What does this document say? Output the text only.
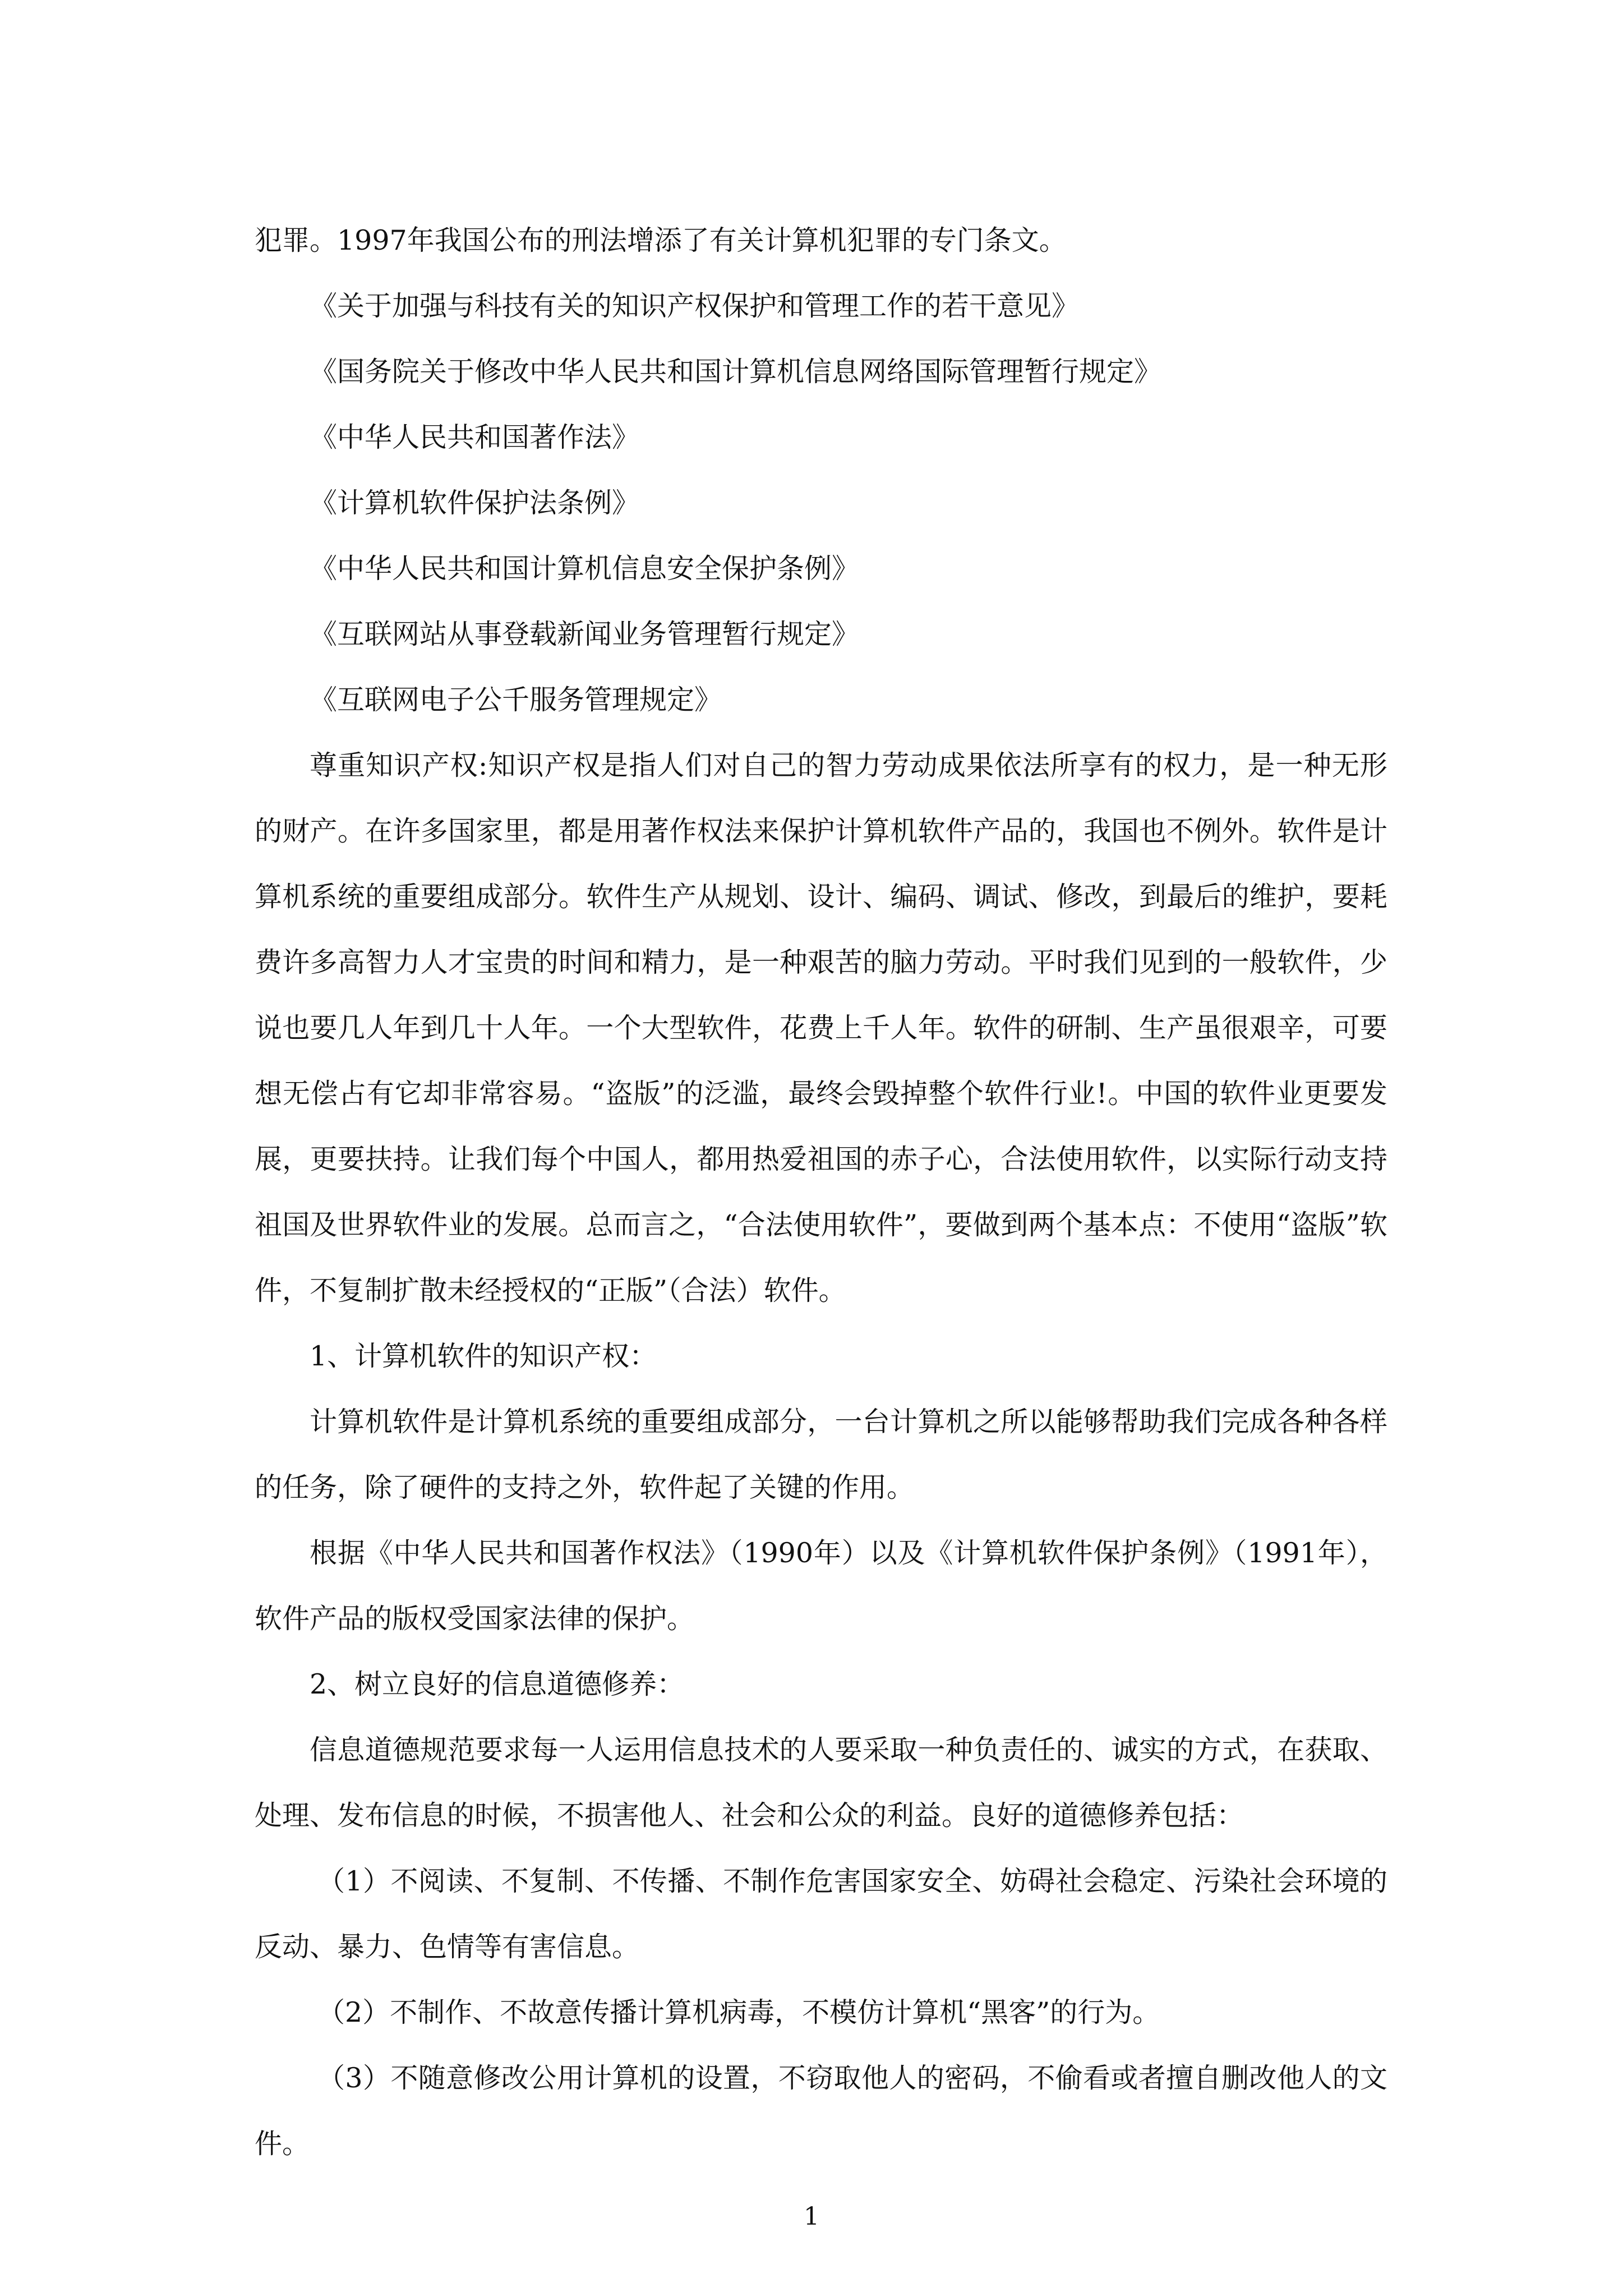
犯罪。1997年我国公布的刑法增添了有关计算机犯罪的专门条文。

《关于加强与科技有关的知识产权保护和管理工作的若干意见》

《国务院关于修改中华人民共和国计算机信息网络国际管理暂行规定》

《中华人民共和国著作法》

《计算机软件保护法条例》

《中华人民共和国计算机信息安全保护条例》

《互联网站从事登载新闻业务管理暂行规定》

《互联网电子公千服务管理规定》

尊重知识产权:知识产权是指人们对自己的智力劳动成果依法所享有的权力，是一种无形的财产。在许多国家里，都是用著作权法来保护计算机软件产品的，我国也不例外。软件是计算机系统的重要组成部分。软件生产从规划、设计、编码、调试、修改，到最后的维护，要耗费许多高智力人才宝贵的时间和精力，是一种艰苦的脑力劳动。平时我们见到的一般软件，少说也要几人年到几十人年。一个大型软件，花费上千人年。软件的研制、生产虽很艰辛，可要想无偿占有它却非常容易。“盗版”的泛滥，最终会毁掉整个软件行业!。中国的软件业更要发展，更要扶持。让我们每个中国人，都用热爱祖国的赤子心，合法使用软件，以实际行动支持祖国及世界软件业的发展。总而言之，“合法使用软件”，要做到两个基本点：不使用“盗版”软件，不复制扩散未经授权的“正版”（合法）软件。

1、计算机软件的知识产权：

计算机软件是计算机系统的重要组成部分，一台计算机之所以能够帮助我们完成各种各样的任务，除了硬件的支持之外，软件起了关键的作用。

根据《中华人民共和国著作权法》（1990年）以及《计算机软件保护条例》（1991年），软件产品的版权受国家法律的保护。

2、树立良好的信息道德修养：

信息道德规范要求每一人运用信息技术的人要采取一种负责任的、诚实的方式，在获取、处理、发布信息的时候，不损害他人、社会和公众的利益。良好的道德修养包括：

（1）不阅读、不复制、不传播、不制作危害国家安全、妨碍社会稳定、污染社会环境的反动、暴力、色情等有害信息。

（2）不制作、不故意传播计算机病毒，不模仿计算机“黑客”的行为。

（3）不随意修改公用计算机的设置，不窃取他人的密码，不偷看或者擅自删改他人的文件。

1
